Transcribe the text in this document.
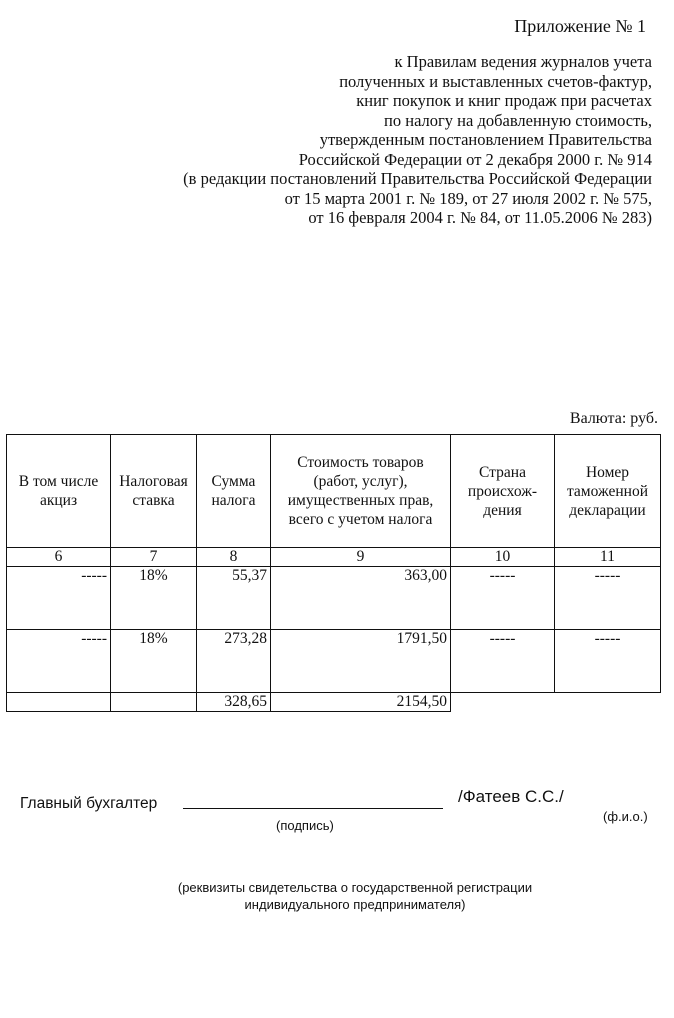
Приложение № 1
к Правилам ведения журналов учета
полученных и выставленных счетов-фактур,
книг покупок и книг продаж при расчетах
по налогу на добавленную стоимость,
утвержденным постановлением Правительства
Российской Федерации от 2 декабря 2000 г. № 914
(в редакции постановлений Правительства Российской Федерации
от 15 марта 2001 г. № 189, от 27 июля 2002 г. № 575,
от 16 февраля 2004 г. № 84, от 11.05.2006 № 283)
Валюта: руб.
В том числе акциз	Налоговая ставка	Сумма налога	Стоимость товаров (работ, услуг), имущественных прав, всего с учетом налога	Страна происхож-дения	Номер таможенной декларации
6	7	8	9	10	11
-----	18%	55,37	363,00	-----	-----
-----	18%	273,28	1791,50	-----	-----
		328,65	2154,50		
Главный бухгалтер	/Фатеев С.С./
(подпись)
(ф.и.о.)
(реквизиты свидетельства о государственной регистрации
индивидуального предпринимателя)
